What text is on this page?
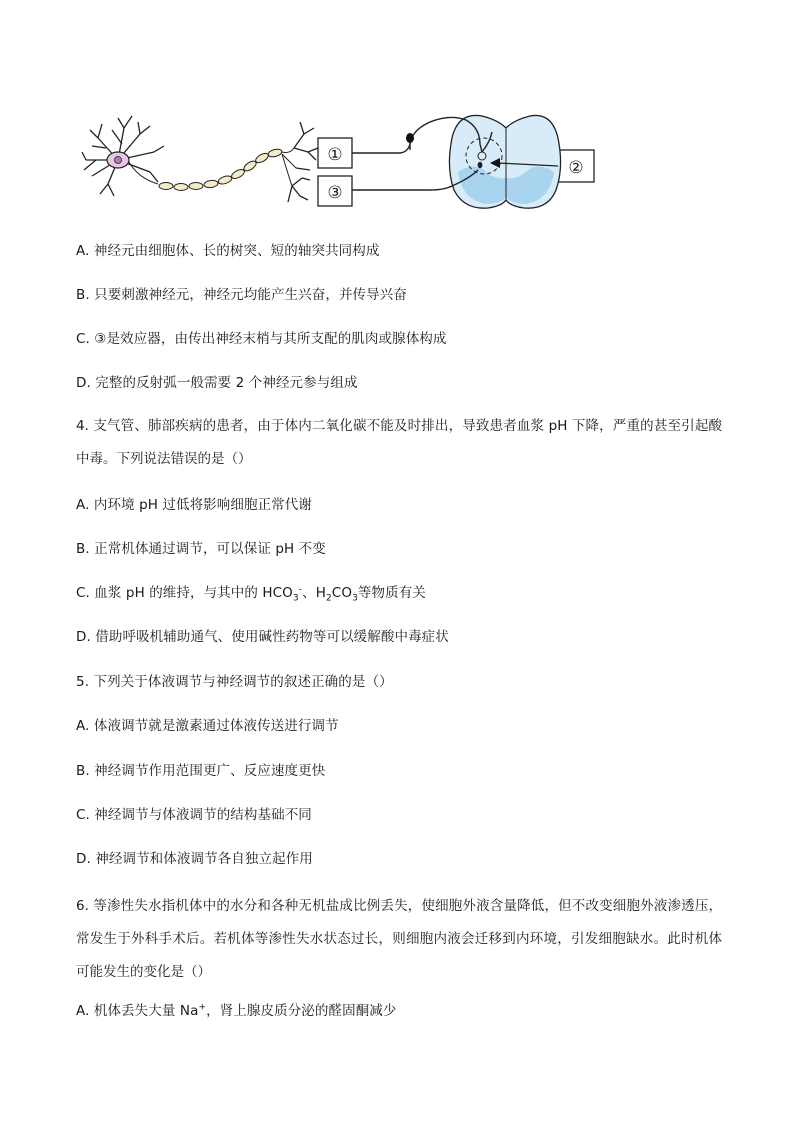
①
③
②
A. 神经元由细胞体、长的树突、短的轴突共同构成
B. 只要刺激神经元，神经元均能产生兴奋，并传导兴奋
C. ③是效应器，由传出神经末梢与其所支配的肌肉或腺体构成
D. 完整的反射弧一般需要 2 个神经元参与组成
4. 支气管、肺部疾病的患者，由于体内二氧化碳不能及时排出，导致患者血浆 pH 下降，严重的甚至引起酸中毒。下列说法错误的是（）
A. 内环境 pH 过低将影响细胞正常代谢
B. 正常机体通过调节，可以保证 pH 不变
C. 血浆 pH 的维持，与其中的 $HCO_3^-$、$H_2CO_3$等物质有关
D. 借助呼吸机辅助通气、使用碱性药物等可以缓解酸中毒症状
5. 下列关于体液调节与神经调节的叙述正确的是（）
A. 体液调节就是激素通过体液传送进行调节
B. 神经调节作用范围更广、反应速度更快
C. 神经调节与体液调节的结构基础不同
D. 神经调节和体液调节各自独立起作用
6. 等渗性失水指机体中的水分和各种无机盐成比例丢失，使细胞外液含量降低，但不改变细胞外液渗透压，常发生于外科手术后。若机体等渗性失水状态过长，则细胞内液会迁移到内环境，引发细胞缺水。此时机体可能发生的变化是（）
A. 机体丢失大量 Na+，肾上腺皮质分泌的醛固酮减少
